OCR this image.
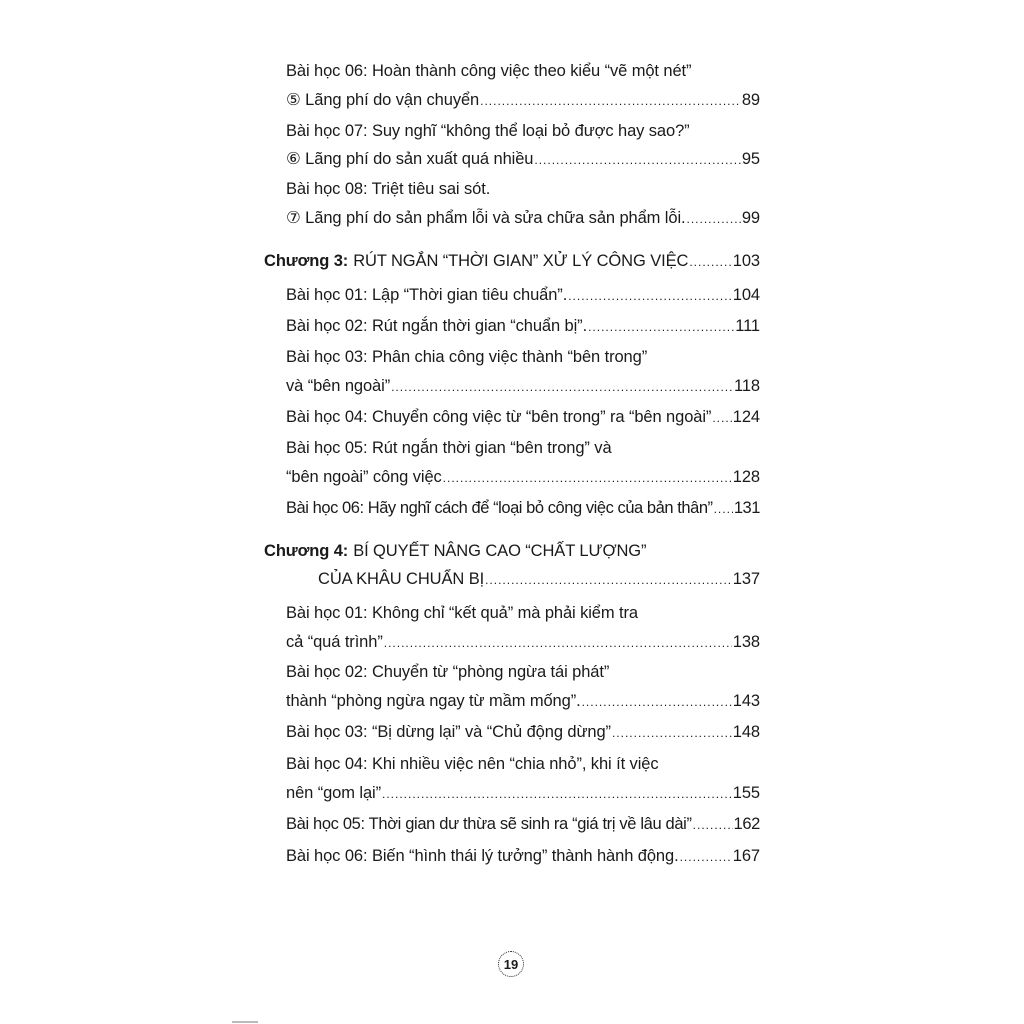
Bài học 06: Hoàn thành công việc theo kiểu “vẽ một nét”
⑤ Lãng phí do vận chuyển .....	89
Bài học 07: Suy nghĩ “không thể loại bỏ được hay sao?”
⑥ Lãng phí do sản xuất quá nhiều .....	95
Bài học 08: Triệt tiêu sai sót.
⑦ Lãng phí do sản phẩm lỗi và sửa chữa sản phẩm lỗi. .....	99
Chương 3: RÚT NGẮN “THỜI GIAN” XỬ LÝ CÔNG VIỆC .....	103
Bài học 01: Lập “Thời gian tiêu chuẩn”. .....	104
Bài học 02: Rút ngắn thời gian “chuẩn bị”. .....	111
Bài học 03: Phân chia công việc thành “bên trong”
và “bên ngoài” .....	118
Bài học 04: Chuyển công việc từ “bên trong” ra “bên ngoài” ..... 124
Bài học 05: Rút ngắn thời gian “bên trong” và
“bên ngoài” công việc .....	128
Bài học 06: Hãy nghĩ cách để “loại bỏ công việc của bản thân” ..... 131
Chương 4: BÍ QUYẾT NÂNG CAO “CHẤT LƯỢNG”
CỦA KHÂU CHUẨN BỊ .....	137
Bài học 01: Không chỉ “kết quả” mà phải kiểm tra
cả “quá trình” .....	138
Bài học 02: Chuyển từ “phòng ngừa tái phát”
thành “phòng ngừa ngay từ mầm mống”. .....	143
Bài học 03: “Bị dừng lại” và “Chủ động dừng” .....	148
Bài học 04: Khi nhiều việc nên “chia nhỏ”, khi ít việc
nên “gom lại” .....	155
Bài học 05: Thời gian dư thừa sẽ sinh ra “giá trị về lâu dài” .....	162
Bài học 06: Biến “hình thái lý tưởng” thành hành động. .....	167
19
